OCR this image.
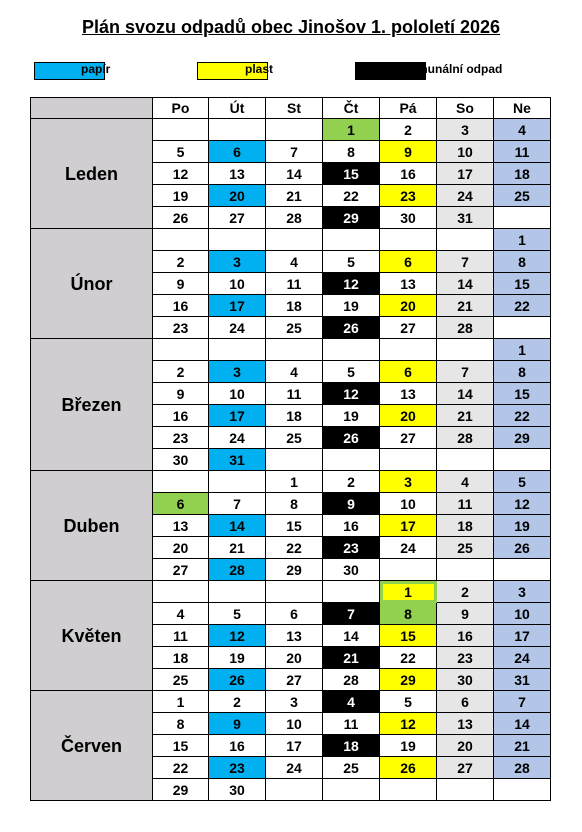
Plán svozu odpadů obec Jinošov 1. pololetí 2026
papír	plast	komunální odpad
	Po	Út	St	Čt	Pá	So	Ne
Leden				1	2	3	4
	5	6	7	8	9	10	11
	12	13	14	15	16	17	18
	19	20	21	22	23	24	25
	26	27	28	29	30	31	
Únor							1
	2	3	4	5	6	7	8
	9	10	11	12	13	14	15
	16	17	18	19	20	21	22
	23	24	25	26	27	28	
Březen							1
	2	3	4	5	6	7	8
	9	10	11	12	13	14	15
	16	17	18	19	20	21	22
	23	24	25	26	27	28	29
	30	31					
Duben			1	2	3	4	5
	6	7	8	9	10	11	12
	13	14	15	16	17	18	19
	20	21	22	23	24	25	26
	27	28	29	30			
Květen					1	2	3
	4	5	6	7	8	9	10
	11	12	13	14	15	16	17
	18	19	20	21	22	23	24
	25	26	27	28	29	30	31
Červen	1	2	3	4	5	6	7
	8	9	10	11	12	13	14
	15	16	17	18	19	20	21
	22	23	24	25	26	27	28
	29	30					
